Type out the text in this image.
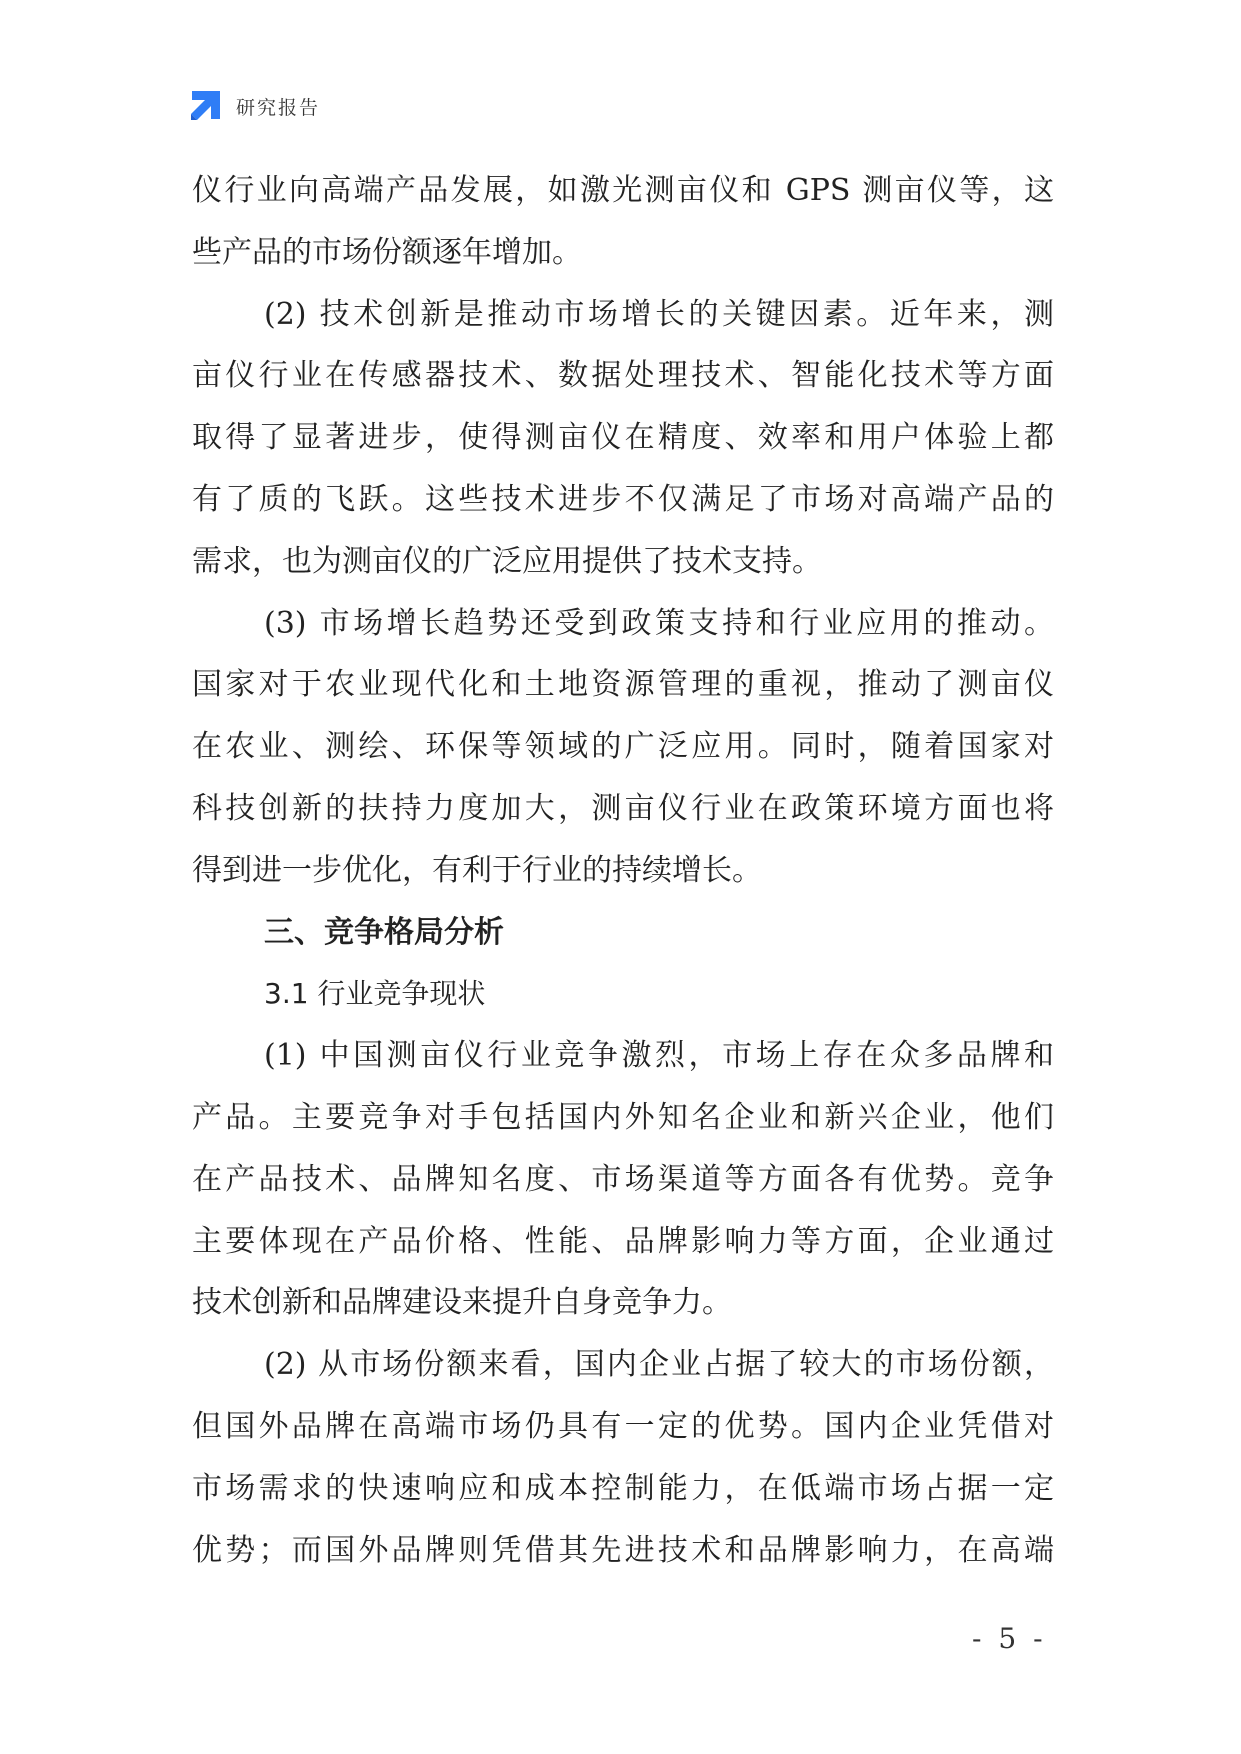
研究报告
仪行业向高端产品发展，如激光测亩仪和 GPS 测亩仪等，这
些产品的市场份额逐年增加。
(2) 技术创新是推动市场增长的关键因素。近年来，测
亩仪行业在传感器技术、数据处理技术、智能化技术等方面
取得了显著进步，使得测亩仪在精度、效率和用户体验上都
有了质的飞跃。这些技术进步不仅满足了市场对高端产品的
需求，也为测亩仪的广泛应用提供了技术支持。
(3) 市场增长趋势还受到政策支持和行业应用的推动。
国家对于农业现代化和土地资源管理的重视，推动了测亩仪
在农业、测绘、环保等领域的广泛应用。同时，随着国家对
科技创新的扶持力度加大，测亩仪行业在政策环境方面也将
得到进一步优化，有利于行业的持续增长。
三、竞争格局分析
3.1 行业竞争现状
(1) 中国测亩仪行业竞争激烈，市场上存在众多品牌和
产品。主要竞争对手包括国内外知名企业和新兴企业，他们
在产品技术、品牌知名度、市场渠道等方面各有优势。竞争
主要体现在产品价格、性能、品牌影响力等方面，企业通过
技术创新和品牌建设来提升自身竞争力。
(2) 从市场份额来看，国内企业占据了较大的市场份额，
但国外品牌在高端市场仍具有一定的优势。国内企业凭借对
市场需求的快速响应和成本控制能力，在低端市场占据一定
优势；而国外品牌则凭借其先进技术和品牌影响力，在高端
- 5 -
